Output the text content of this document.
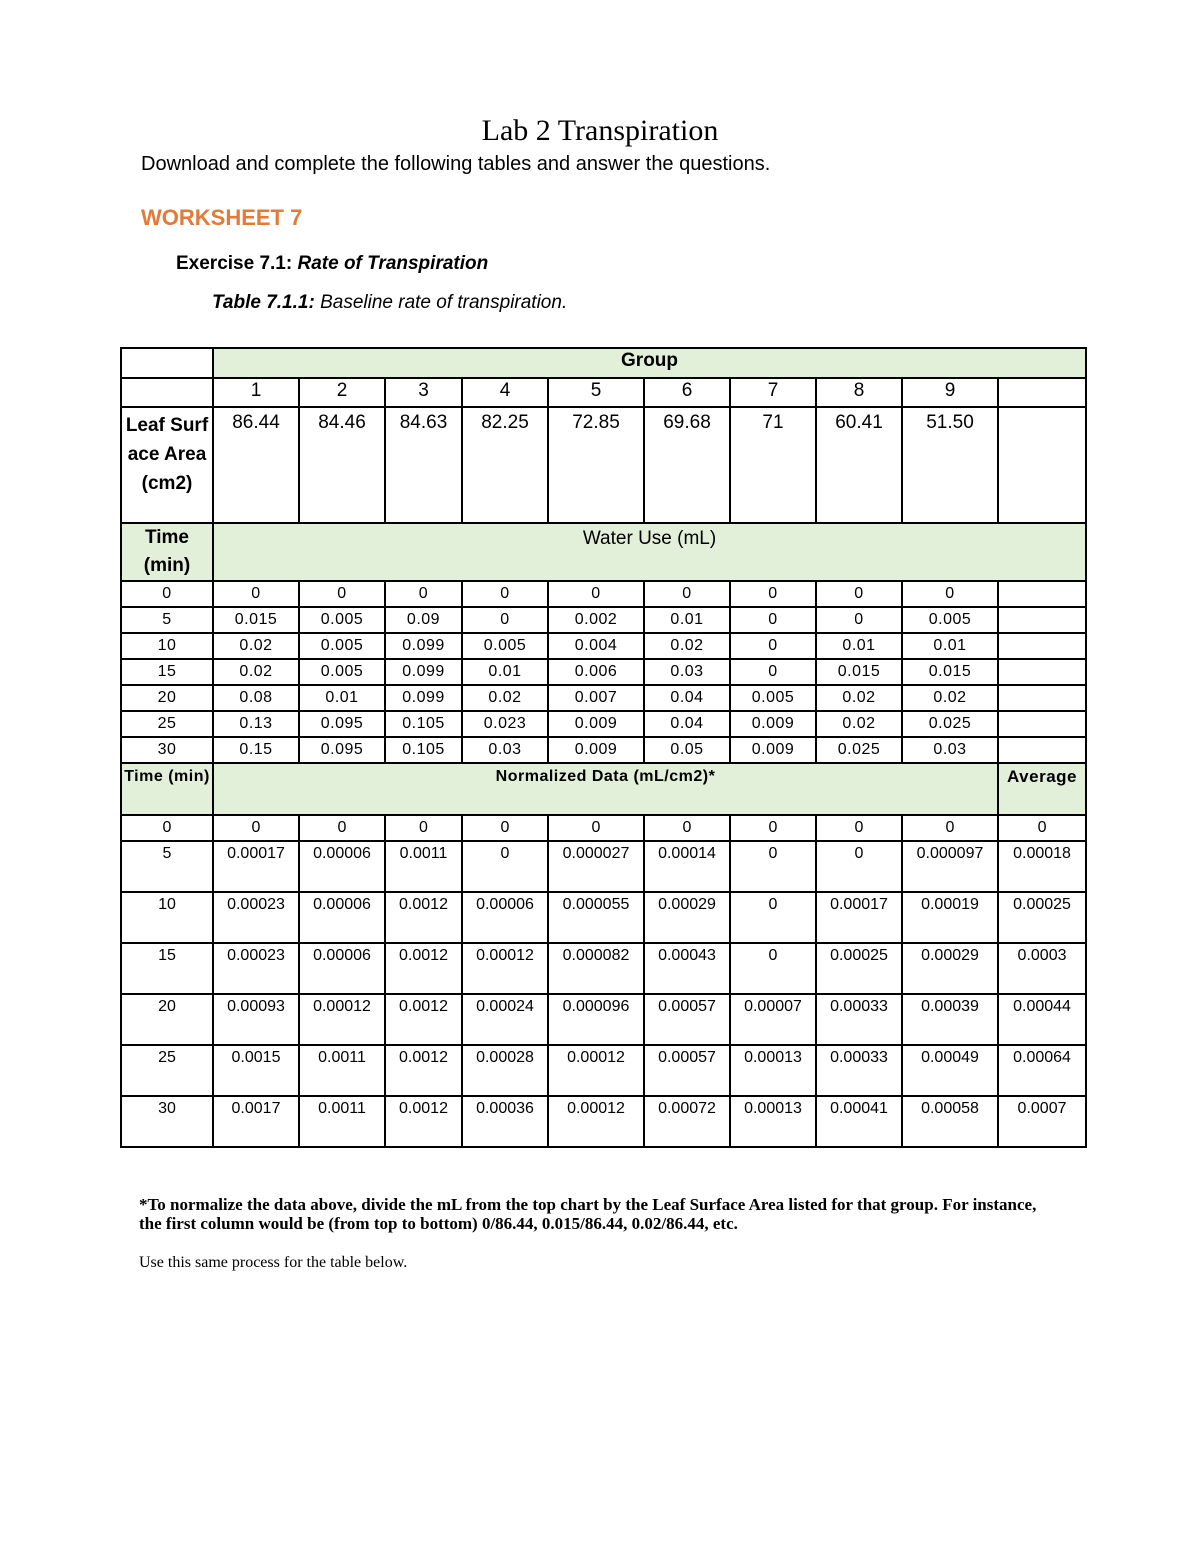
Lab 2 Transpiration
Download and complete the following tables and answer the questions.
WORKSHEET 7
Exercise 7.1: Rate of Transpiration
Table 7.1.1: Baseline rate of transpiration.
	Group									
	1	2	3	4	5	6	7	8	9	
Leaf Surface Area (cm2)	86.44	84.46	84.63	82.25	72.85	69.68	71	60.41	51.50	
Time (min)	Water Use (mL)									
0	0	0	0	0	0	0	0	0	0	
5	0.015	0.005	0.09	0	0.002	0.01	0	0	0.005	
10	0.02	0.005	0.099	0.005	0.004	0.02	0	0.01	0.01	
15	0.02	0.005	0.099	0.01	0.006	0.03	0	0.015	0.015	
20	0.08	0.01	0.099	0.02	0.007	0.04	0.005	0.02	0.02	
25	0.13	0.095	0.105	0.023	0.009	0.04	0.009	0.02	0.025	
30	0.15	0.095	0.105	0.03	0.009	0.05	0.009	0.025	0.03	
Time (min)	Normalized Data (mL/cm2)*									Average
0	0	0	0	0	0	0	0	0	0	0
5	0.00017	0.00006	0.0011	0	0.000027	0.00014	0	0	0.000097	0.00018
10	0.00023	0.00006	0.0012	0.00006	0.000055	0.00029	0	0.00017	0.00019	0.00025
15	0.00023	0.00006	0.0012	0.00012	0.000082	0.00043	0	0.00025	0.00029	0.0003
20	0.00093	0.00012	0.0012	0.00024	0.000096	0.00057	0.00007	0.00033	0.00039	0.00044
25	0.0015	0.0011	0.0012	0.00028	0.00012	0.00057	0.00013	0.00033	0.00049	0.00064
30	0.0017	0.0011	0.0012	0.00036	0.00012	0.00072	0.00013	0.00041	0.00058	0.0007
*To normalize the data above, divide the mL from the top chart by the Leaf Surface Area listed for that group. For instance, the first column would be (from top to bottom) 0/86.44, 0.015/86.44, 0.02/86.44, etc.
Use this same process for the table below.
